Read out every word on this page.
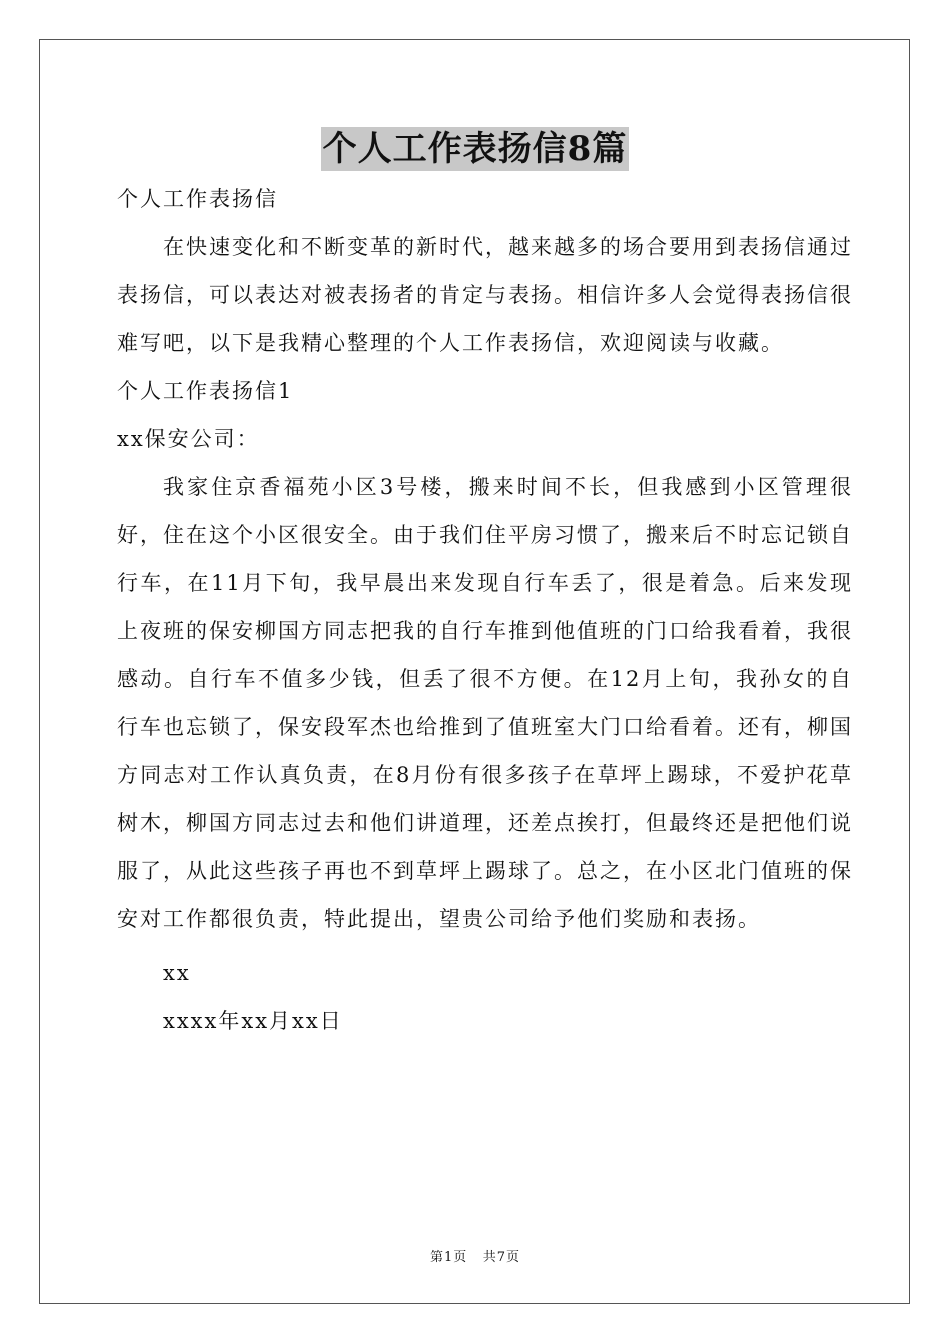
个人工作表扬信8篇

个人工作表扬信

在快速变化和不断变革的新时代，越来越多的场合要用到表扬信通过表扬信，可以表达对被表扬者的肯定与表扬。相信许多人会觉得表扬信很难写吧，以下是我精心整理的个人工作表扬信，欢迎阅读与收藏。

个人工作表扬信1

xx保安公司：

我家住京香福苑小区3号楼，搬来时间不长，但我感到小区管理很好，住在这个小区很安全。由于我们住平房习惯了，搬来后不时忘记锁自行车，在11月下旬，我早晨出来发现自行车丢了，很是着急。后来发现上夜班的保安柳国方同志把我的自行车推到他值班的门口给我看着，我很感动。自行车不值多少钱，但丢了很不方便。在12月上旬，我孙女的自行车也忘锁了，保安段军杰也给推到了值班室大门口给看着。还有，柳国方同志对工作认真负责，在8月份有很多孩子在草坪上踢球，不爱护花草树木，柳国方同志过去和他们讲道理，还差点挨打，但最终还是把他们说服了，从此这些孩子再也不到草坪上踢球了。总之，在小区北门值班的保安对工作都很负责，特此提出，望贵公司给予他们奖励和表扬。

xx

xxxx年xx月xx日

第1页 共7页
